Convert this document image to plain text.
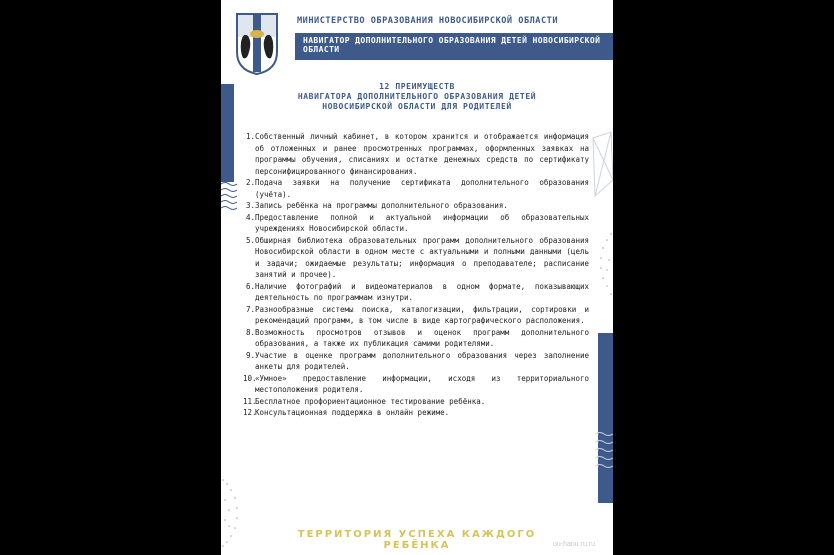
МИНИСТЕРСТВО ОБРАЗОВАНИЯ НОВОСИБИРСКОЙ ОБЛАСТИ
НАВИГАТОР ДОПОЛНИТЕЛЬНОГО ОБРАЗОВАНИЯ ДЕТЕЙ НОВОСИБИРСКОЙ ОБЛАСТИ
12 ПРЕИМУЩЕСТВ
НАВИГАТОРА ДОПОЛНИТЕЛЬНОГО ОБРАЗОВАНИЯ ДЕТЕЙ
НОВОСИБИРСКОЙ ОБЛАСТИ ДЛЯ РОДИТЕЛЕЙ
1. Собственный личный кабинет, в котором хранится и отображается информация об отложенных и ранее просмотренных программах, оформленных заявках на программы обучения, списаниях и остатке денежных средств по сертификату персонифицированного финансирования.
2. Подача заявки на получение сертификата дополнительного образования (учёта).
3. Запись ребёнка на программы дополнительного образования.
4. Предоставление полной и актуальной информации об образовательных учреждениях Новосибирской области.
5. Обширная библиотека образовательных программ дополнительного образования Новосибирской области в одном месте с актуальными и полными данными (цель и задачи; ожидаемые результаты; информация о преподавателе; расписание занятий и прочее).
6. Наличие фотографий и видеоматериалов в одном формате, показывающих деятельность по программам изнутри.
7. Разнообразные системы поиска, каталогизации, фильтрации, сортировки и рекомендаций программ, в том числе в виде картографического расположения.
8. Возможность просмотров отзывов и оценок программ дополнительного образования, а также их публикация самими родителями.
9. Участие в оценке программ дополнительного образования через заполнение анкеты для родителей.
10.
«Умное» предоставление информации, исходя из территориального местоположения родителя.
11.
Бесплатное профориентационное тестирование ребёнка.
12.
Консультационная поддержка в онлайн режиме.
ТЕРРИТОРИЯ УСПЕХА КАЖДОГО РЕБЁНКА	ou-hanu.ru.ru
